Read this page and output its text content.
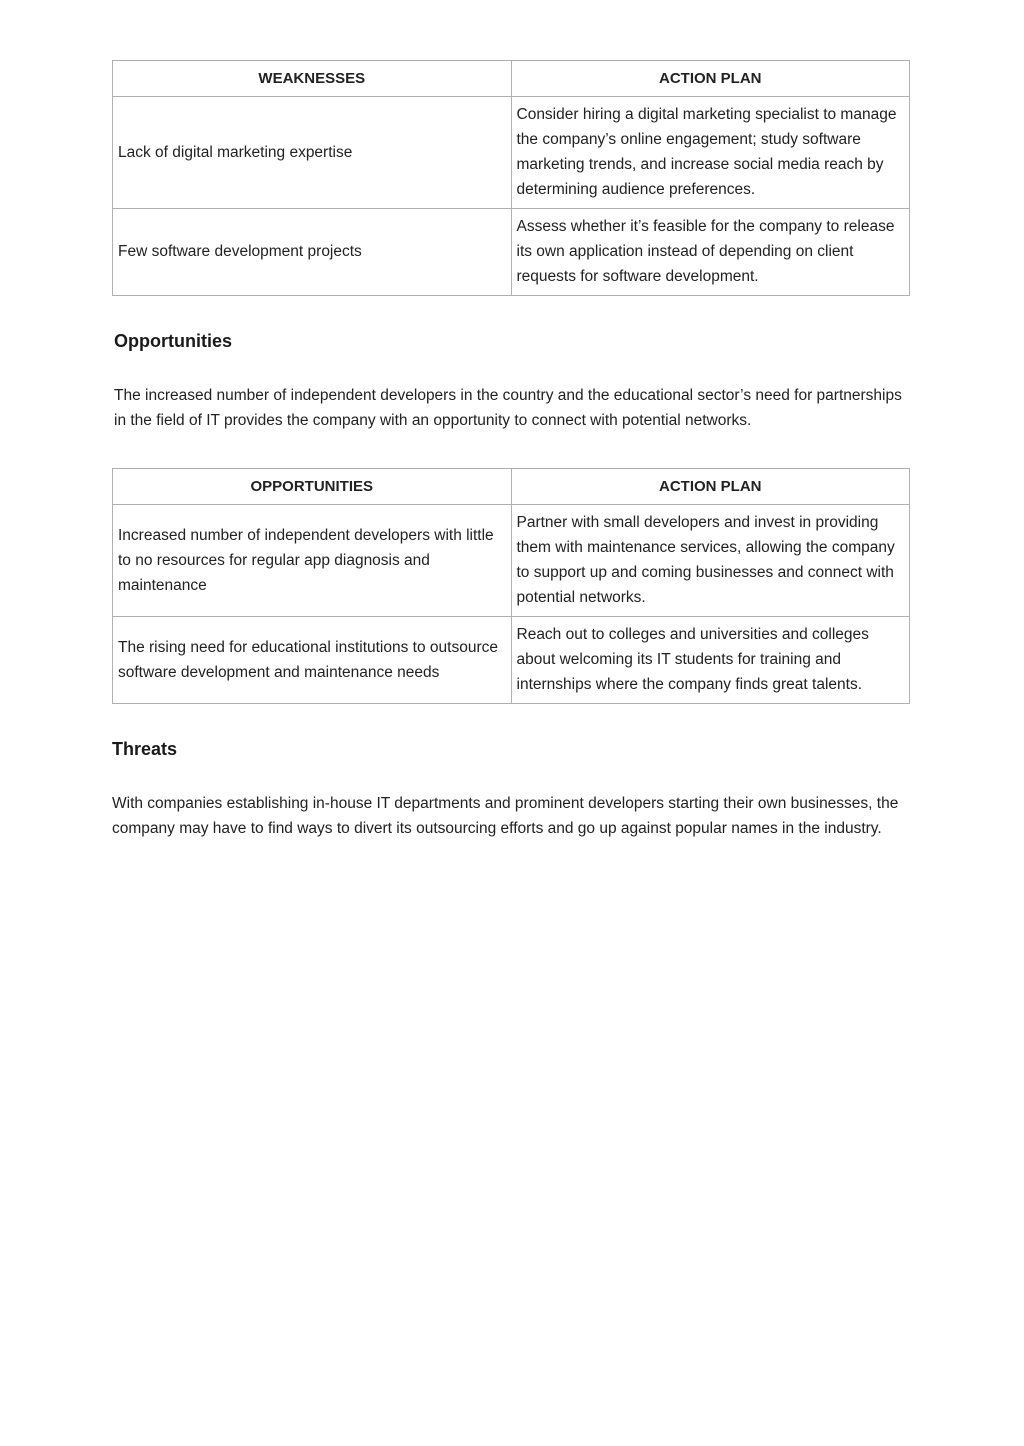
WEAKNESSES	ACTION PLAN
Lack of digital marketing expertise	Consider hiring a digital marketing specialist to manage the company’s online engagement; study software marketing trends, and increase social media reach by determining audience preferences.
Few software development projects	Assess whether it’s feasible for the company to release its own application instead of depending on client requests for software development.
Opportunities

The increased number of independent developers in the country and the educational sector’s need for partnerships in the field of IT provides the company with an opportunity to connect with potential networks.

OPPORTUNITIES	ACTION PLAN
Increased number of independent developers with little to no resources for regular app diagnosis and maintenance	Partner with small developers and invest in providing them with maintenance services, allowing the company to support up and coming businesses and connect with potential networks.
The rising need for educational institutions to outsource software development and maintenance needs	Reach out to colleges and universities and colleges about welcoming its IT students for training and internships where the company finds great talents.
Threats

With companies establishing in-house IT departments and prominent developers starting their own businesses, the company may have to find ways to divert its outsourcing efforts and go up against popular names in the industry.
